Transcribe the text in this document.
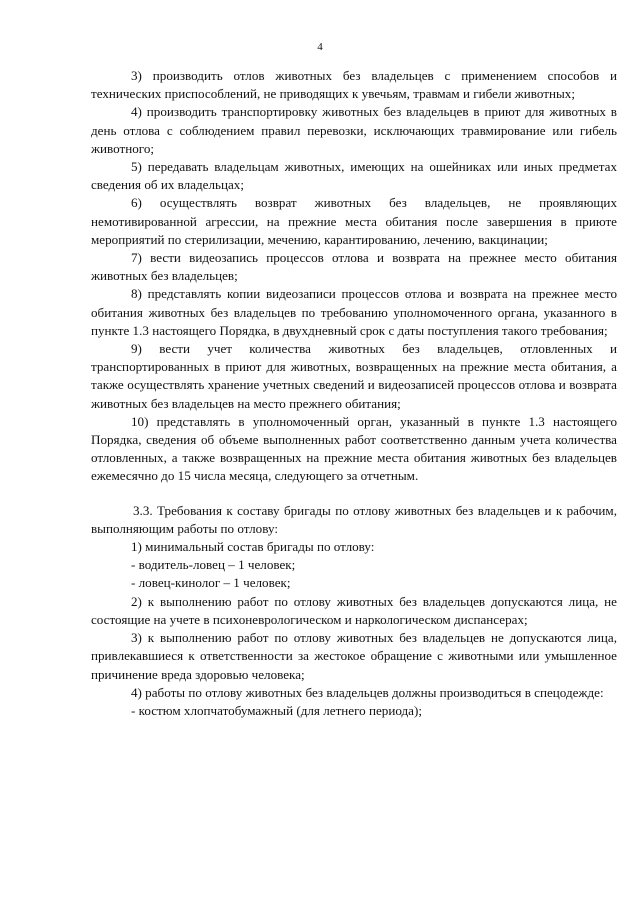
4

3) производить отлов животных без владельцев с применением способов и технических приспособлений, не приводящих к увечьям, травмам и гибели животных;

4) производить транспортировку животных без владельцев в приют для животных в день отлова с соблюдением правил перевозки, исключающих травмирование или гибель животного;

5) передавать владельцам животных, имеющих на ошейниках или иных предметах сведения об их владельцах;

6) осуществлять возврат животных без владельцев, не проявляющих немотивированной агрессии, на прежние места обитания после завершения в приюте мероприятий по стерилизации, мечению, карантированию, лечению, вакцинации;

7) вести видеозапись процессов отлова и возврата на прежнее место обитания животных без владельцев;

8) представлять копии видеозаписи процессов отлова и возврата на прежнее место обитания животных без владельцев по требованию уполномоченного органа, указанного в пункте 1.3 настоящего Порядка, в двухдневный срок с даты поступления такого требования;

9) вести учет количества животных без владельцев, отловленных и транспортированных в приют для животных, возвращенных на прежние места обитания, а также осуществлять хранение учетных сведений и видеозаписей процессов отлова и возврата животных без владельцев на место прежнего обитания;

10) представлять в уполномоченный орган, указанный в пункте 1.3 настоящего Порядка, сведения об объеме выполненных работ соответственно данным учета количества отловленных, а также возвращенных на прежние места обитания животных без владельцев ежемесячно до 15 числа месяца, следующего за отчетным.

3.3. Требования к составу бригады по отлову животных без владельцев и к рабочим, выполняющим работы по отлову:

1) минимальный состав бригады по отлову:

- водитель-ловец – 1 человек;

- ловец-кинолог – 1 человек;

2) к выполнению работ по отлову животных без владельцев допускаются лица, не состоящие на учете в психоневрологическом и наркологическом диспансерах;

3) к выполнению работ по отлову животных без владельцев не допускаются лица, привлекавшиеся к ответственности за жестокое обращение с животными или умышленное причинение вреда здоровью человека;

4) работы по отлову животных без владельцев должны производиться в спецодежде:

- костюм хлопчатобумажный (для летнего периода);
